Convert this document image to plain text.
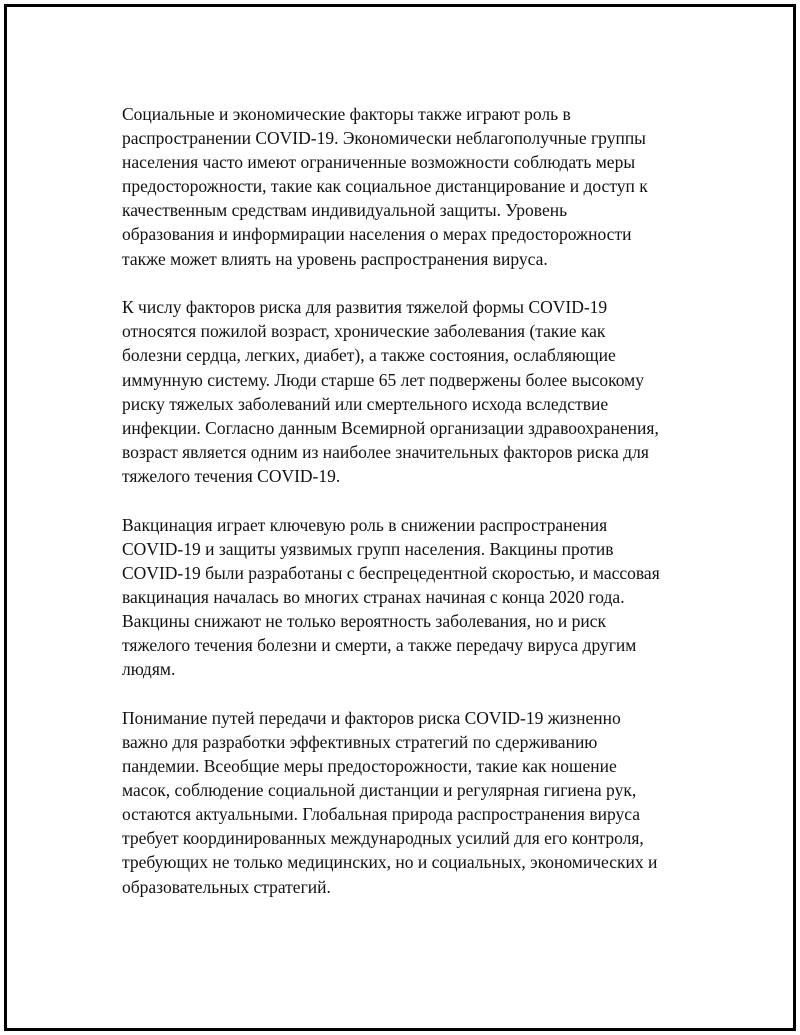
Социальные и экономические факторы также играют роль в
распространении COVID-19. Экономически неблагополучные группы
населения часто имеют ограниченные возможности соблюдать меры
предосторожности, такие как социальное дистанцирование и доступ к
качественным средствам индивидуальной защиты. Уровень
образования и информирации населения о мерах предосторожности
также может влиять на уровень распространения вируса.

К числу факторов риска для развития тяжелой формы COVID-19
относятся пожилой возраст, хронические заболевания (такие как
болезни сердца, легких, диабет), а также состояния, ослабляющие
иммунную систему. Люди старше 65 лет подвержены более высокому
риску тяжелых заболеваний или смертельного исхода вследствие
инфекции. Согласно данным Всемирной организации здравоохранения,
возраст является одним из наиболее значительных факторов риска для
тяжелого течения COVID-19.

Вакцинация играет ключевую роль в снижении распространения
COVID-19 и защиты уязвимых групп населения. Вакцины против
COVID-19 были разработаны с беспрецедентной скоростью, и массовая
вакцинация началась во многих странах начиная с конца 2020 года.
Вакцины снижают не только вероятность заболевания, но и риск
тяжелого течения болезни и смерти, а также передачу вируса другим
людям.

Понимание путей передачи и факторов риска COVID-19 жизненно
важно для разработки эффективных стратегий по сдерживанию
пандемии. Всеобщие меры предосторожности, такие как ношение
масок, соблюдение социальной дистанции и регулярная гигиена рук,
остаются актуальными. Глобальная природа распространения вируса
требует координированных международных усилий для его контроля,
требующих не только медицинских, но и социальных, экономических и
образовательных стратегий.
